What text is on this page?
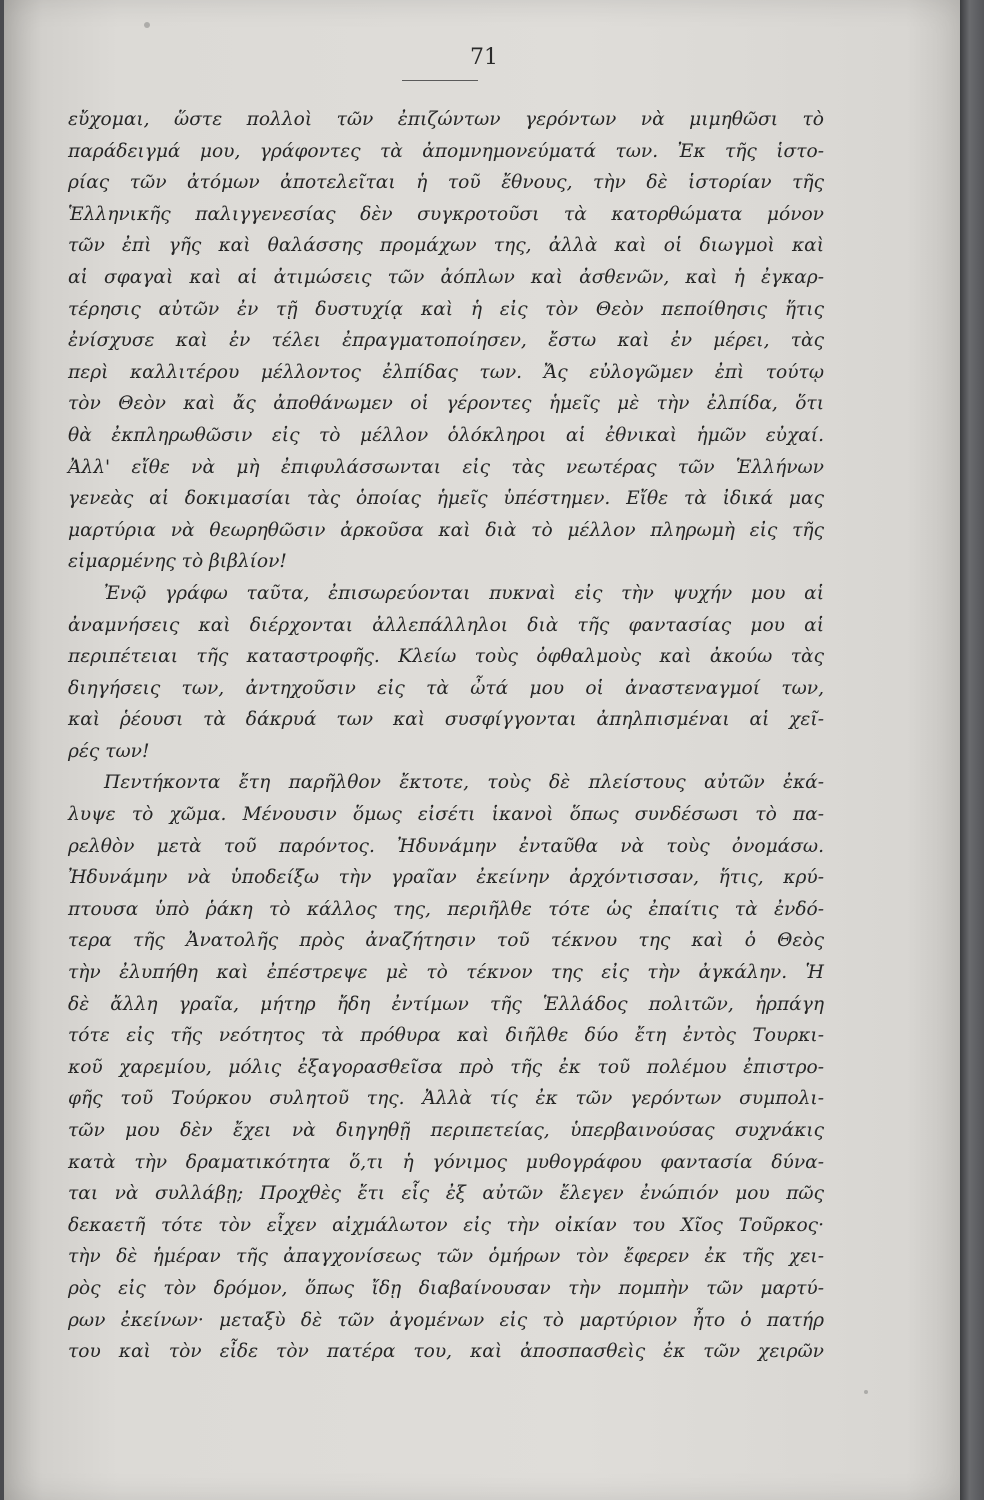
71
εὔχομαι, ὥστε πολλοὶ τῶν ἐπιζώντων γερόντων νὰ μιμηθῶσι τὸ
παράδειγμά μου, γράφοντες τὰ ἀπομνημονεύματά των. Ἐκ τῆς ἱστο-
ρίας τῶν ἀτόμων ἀποτελεῖται ἡ τοῦ ἔθνους, τὴν δὲ ἱστορίαν τῆς
Ἑλληνικῆς παλιγγενεσίας δὲν συγκροτοῦσι τὰ κατορθώματα μόνον
τῶν ἐπὶ γῆς καὶ θαλάσσης προμάχων της, ἀλλὰ καὶ οἱ διωγμοὶ καὶ
αἱ σφαγαὶ καὶ αἱ ἀτιμώσεις τῶν ἀόπλων καὶ ἀσθενῶν, καὶ ἡ ἐγκαρ-
τέρησις αὐτῶν ἐν τῇ δυστυχίᾳ καὶ ἡ εἰς τὸν Θεὸν πεποίθησις ἥτις
ἐνίσχυσε καὶ ἐν τέλει ἐπραγματοποίησεν, ἔστω καὶ ἐν μέρει, τὰς
περὶ καλλιτέρου μέλλοντος ἐλπίδας των. Ἄς εὐλογῶμεν ἐπὶ τούτῳ
τὸν Θεὸν καὶ ἄς ἀποθάνωμεν οἱ γέροντες ἡμεῖς μὲ τὴν ἐλπίδα, ὅτι
θὰ ἐκπληρωθῶσιν εἰς τὸ μέλλον ὁλόκληροι αἱ ἐθνικαὶ ἡμῶν εὐχαί.
Ἀλλ' εἴθε νὰ μὴ ἐπιφυλάσσωνται εἰς τὰς νεωτέρας τῶν Ἑλλήνων
γενεὰς αἱ δοκιμασίαι τὰς ὁποίας ἡμεῖς ὑπέστημεν. Εἴθε τὰ ἰδικά μας
μαρτύρια νὰ θεωρηθῶσιν ἀρκοῦσα καὶ διὰ τὸ μέλλον πληρωμὴ εἰς τῆς
εἱμαρμένης τὸ βιβλίον!
Ἐνῷ γράφω ταῦτα, ἐπισωρεύονται πυκναὶ εἰς τὴν ψυχήν μου αἱ
ἀναμνήσεις καὶ διέρχονται ἀλλεπάλληλοι διὰ τῆς φαντασίας μου αἱ
περιπέτειαι τῆς καταστροφῆς. Κλείω τοὺς ὀφθαλμοὺς καὶ ἀκούω τὰς
διηγήσεις των, ἀντηχοῦσιν εἰς τὰ ὦτά μου οἱ ἀναστεναγμοί των,
καὶ ῥέουσι τὰ δάκρυά των καὶ συσφίγγονται ἀπηλπισμέναι αἱ χεῖ-
ρές των!
Πεντήκοντα ἔτη παρῆλθον ἔκτοτε, τοὺς δὲ πλείστους αὐτῶν ἐκά-
λυψε τὸ χῶμα. Μένουσιν ὅμως εἰσέτι ἱκανοὶ ὅπως συνδέσωσι τὸ πα-
ρελθὸν μετὰ τοῦ παρόντος. Ἠδυνάμην ἐνταῦθα νὰ τοὺς ὀνομάσω.
Ἠδυνάμην νὰ ὑποδείξω τὴν γραῖαν ἐκείνην ἀρχόντισσαν, ἥτις, κρύ-
πτουσα ὑπὸ ῥάκη τὸ κάλλος της, περιῆλθε τότε ὡς ἐπαίτις τὰ ἐνδό-
τερα τῆς Ἀνατολῆς πρὸς ἀναζήτησιν τοῦ τέκνου της καὶ ὁ Θεὸς
τὴν ἐλυπήθη καὶ ἐπέστρεψε μὲ τὸ τέκνον της εἰς τὴν ἀγκάλην. Ἡ
δὲ ἄλλη γραῖα, μήτηρ ἤδη ἐντίμων τῆς Ἑλλάδος πολιτῶν, ἡρπάγη
τότε εἰς τῆς νεότητος τὰ πρόθυρα καὶ διῆλθε δύο ἔτη ἐντὸς Τουρκι-
κοῦ χαρεμίου, μόλις ἐξαγορασθεῖσα πρὸ τῆς ἐκ τοῦ πολέμου ἐπιστρο-
φῆς τοῦ Τούρκου συλητοῦ της. Ἀλλὰ τίς ἐκ τῶν γερόντων συμπολι-
τῶν μου δὲν ἔχει νὰ διηγηθῇ περιπετείας, ὑπερβαινούσας συχνάκις
κατὰ τὴν δραματικότητα ὅ,τι ἡ γόνιμος μυθογράφου φαντασία δύνα-
ται νὰ συλλάβῃ; Προχθὲς ἔτι εἷς ἐξ αὐτῶν ἔλεγεν ἐνώπιόν μου πῶς
δεκαετῆ τότε τὸν εἶχεν αἰχμάλωτον εἰς τὴν οἰκίαν του Χῖος Τοῦρκος·
τὴν δὲ ἡμέραν τῆς ἀπαγχονίσεως τῶν ὁμήρων τὸν ἔφερεν ἐκ τῆς χει-
ρὸς εἰς τὸν δρόμον, ὅπως ἴδῃ διαβαίνουσαν τὴν πομπὴν τῶν μαρτύ-
ρων ἐκείνων· μεταξὺ δὲ τῶν ἀγομένων εἰς τὸ μαρτύριον ἦτο ὁ πατήρ
του καὶ τὸν εἶδε τὸν πατέρα του, καὶ ἀποσπασθεὶς ἐκ τῶν χειρῶν
